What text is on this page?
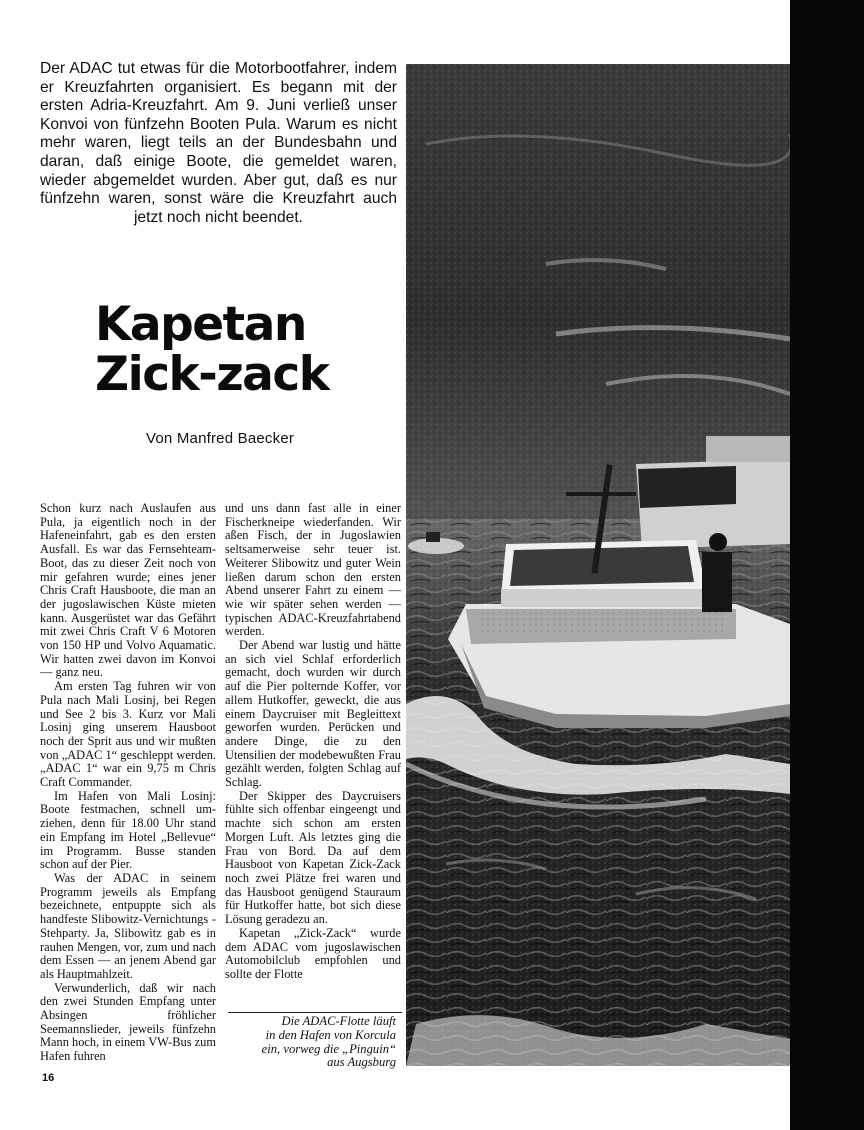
Der ADAC tut etwas für die Motorbootfahrer, indem er Kreuzfahrten organisiert. Es begann mit der ersten Adria-Kreuzfahrt. Am 9. Juni verließ unser Konvoi von fünfzehn Booten Pula. Warum es nicht mehr waren, liegt teils an der Bundesbahn und daran, daß einige Boote, die gemeldet waren, wieder abgemeldet wurden. Aber gut, daß es nur fünfzehn waren, sonst wäre die Kreuzfahrt auch jetzt noch nicht beendet.
Kapetan
Zick-zack
Von Manfred Baecker

Schon kurz nach Auslaufen aus Pula, ja eigentlich noch in der Hafeneinfahrt, gab es den ersten Ausfall. Es war das Fernsehteam-Boot, das zu dieser Zeit noch von mir gefahren wurde; eines jener Chris Craft Hausboote, die man an der jugoslawischen Küste mieten kann. Ausgerüstet war das Gefährt mit zwei Chris Craft V 6 Motoren von 150 HP und Volvo Aquamatic. Wir hatten zwei davon im Konvoi — ganz neu.

Am ersten Tag fuhren wir von Pula nach Mali Losinj, bei Regen und See 2 bis 3. Kurz vor Mali Losinj ging unserem Hausboot noch der Sprit aus und wir mußten von „ADAC 1“ geschleppt werden. „ADAC 1“ war ein 9,75 m Chris Craft Commander.

Im Hafen von Mali Losinj: Boote festmachen, schnell umziehen, denn für 18.00 Uhr stand ein Empfang im Hotel „Bellevue“ im Programm. Busse standen schon auf der Pier.

Was der ADAC in seinem Programm jeweils als Empfang bezeichnete, entpuppte sich als handfeste Slibowitz-Vernichtungs - Stehparty. Ja, Slibowitz gab es in rauhen Mengen, vor, zum und nach dem Essen — an jenem Abend gar als Hauptmahlzeit.

Verwunderlich, daß wir nach den zwei Stunden Empfang unter Absingen fröhlicher Seemannslieder, jeweils fünfzehn Mann hoch, in einem VW-Bus zum Hafen fuhren

und uns dann fast alle in einer Fischerkneipe wiederfanden. Wir aßen Fisch, der in Jugoslawien seltsamerweise sehr teuer ist. Weiterer Slibowitz und guter Wein ließen darum schon den ersten Abend unserer Fahrt zu einem — wie wir später sehen werden — typischen ADAC-Kreuzfahrtabend werden.

Der Abend war lustig und hätte an sich viel Schlaf erforderlich gemacht, doch wurden wir durch auf die Pier polternde Koffer, vor allem Hutkoffer, geweckt, die aus einem Daycruiser mit Begleittext geworfen wurden. Perücken und andere Dinge, die zu den Utensilien der modebewußten Frau gezählt werden, folgten Schlag auf Schlag.

Der Skipper des Daycruisers fühlte sich offenbar eingeengt und machte sich schon am ersten Morgen Luft. Als letztes ging die Frau von Bord. Da auf dem Hausboot von Kapetan Zick-Zack noch zwei Plätze frei waren und das Hausboot genügend Stauraum für Hutkoffer hatte, bot sich diese Lösung geradezu an.

Kapetan „Zick-Zack“ wurde dem ADAC vom jugoslawischen Automobilclub empfohlen und sollte der Flotte

Die ADAC-Flotte läuft
in den Hafen von Korcula
ein, vorweg die „Pinguin“
aus Augsburg
16
